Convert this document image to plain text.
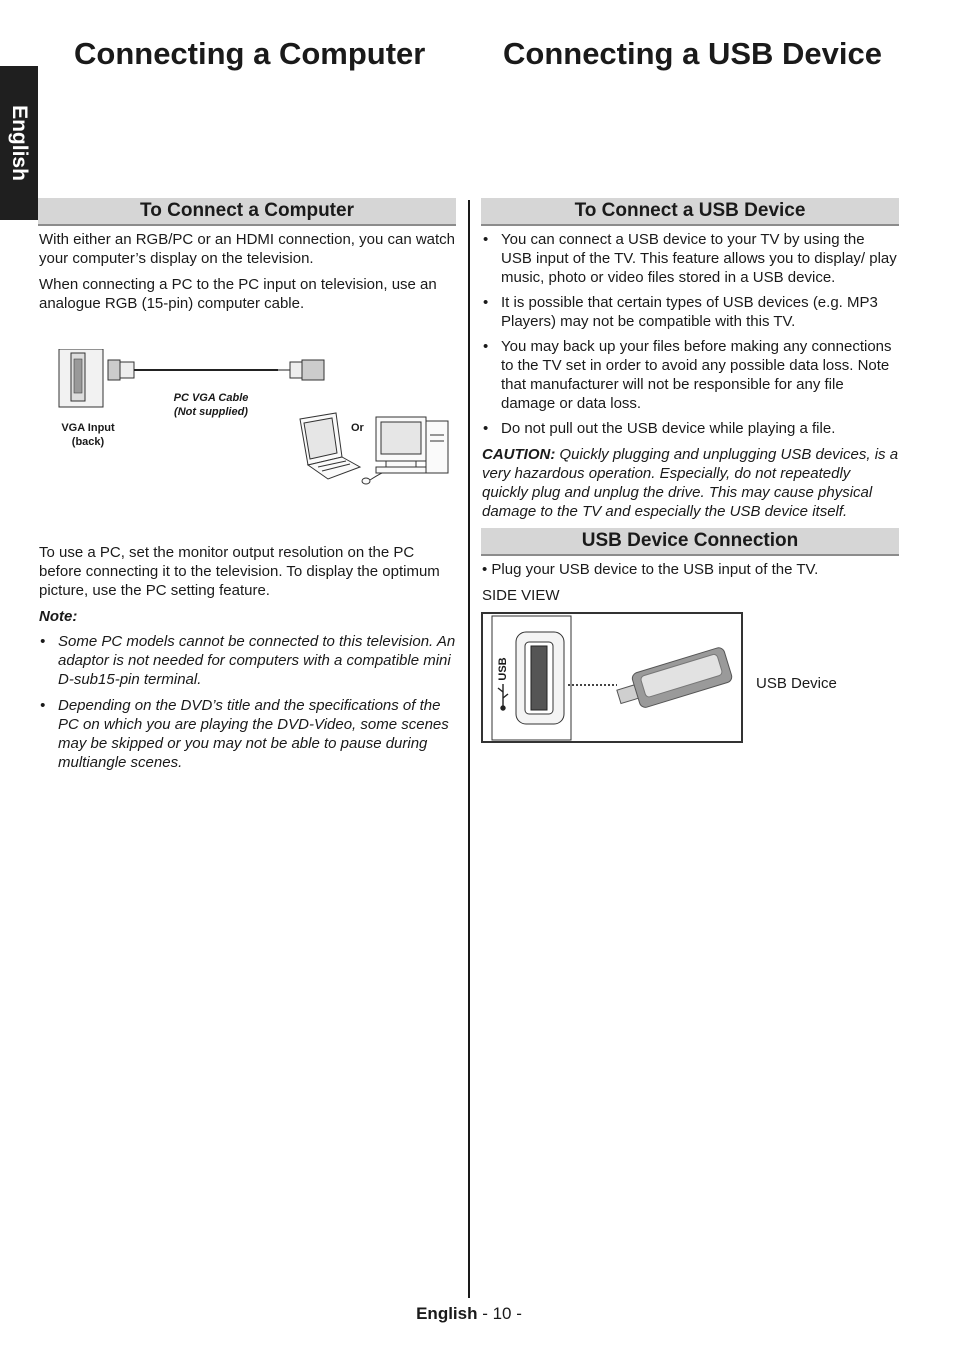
Connecting a Computer	Connecting a USB Device
English
To Connect a Computer

With either an RGB/PC or an HDMI connection, you can watch your computer’s display on the television.

When connecting a PC to the PC input on television, use an analogue RGB (15-pin) computer cable.

PC VGA Cable
(Not supplied)
VGA Input
(back)
Or

To use a PC, set the monitor output resolution on the PC before connecting it to the television. To display the optimum picture, use the PC setting feature.

Note:

• Some PC models cannot be connected to this television. An adaptor is not needed for computers with a compatible mini D-sub15-pin terminal.
• Depending on the DVD’s title and the specifications of the PC on which you are playing the DVD-Video, some scenes may be skipped or you may not be able to pause during multiangle scenes.
To Connect a USB Device
• You can connect a USB device to your TV by using the USB input of the TV. This feature allows you to display/ play music, photo or video files stored in a USB device.
• It is possible that certain types of USB devices (e.g. MP3 Players) may not be compatible with this TV.
• You may back up your files before making any connections to the TV set in order to avoid any possible data loss. Note that manufacturer will not be responsible for any file damage or data loss.
• Do not pull out the USB device while playing a file.

CAUTION: Quickly plugging and unplugging USB devices, is a very hazardous operation. Especially, do not repeatedly quickly plug and unplug the drive. This may cause physical damage to the TV and especially the USB device itself.

USB Device Connection

• Plug your USB device to the USB input of the TV.

SIDE VIEW

USB
USB Device
English - 10 -
